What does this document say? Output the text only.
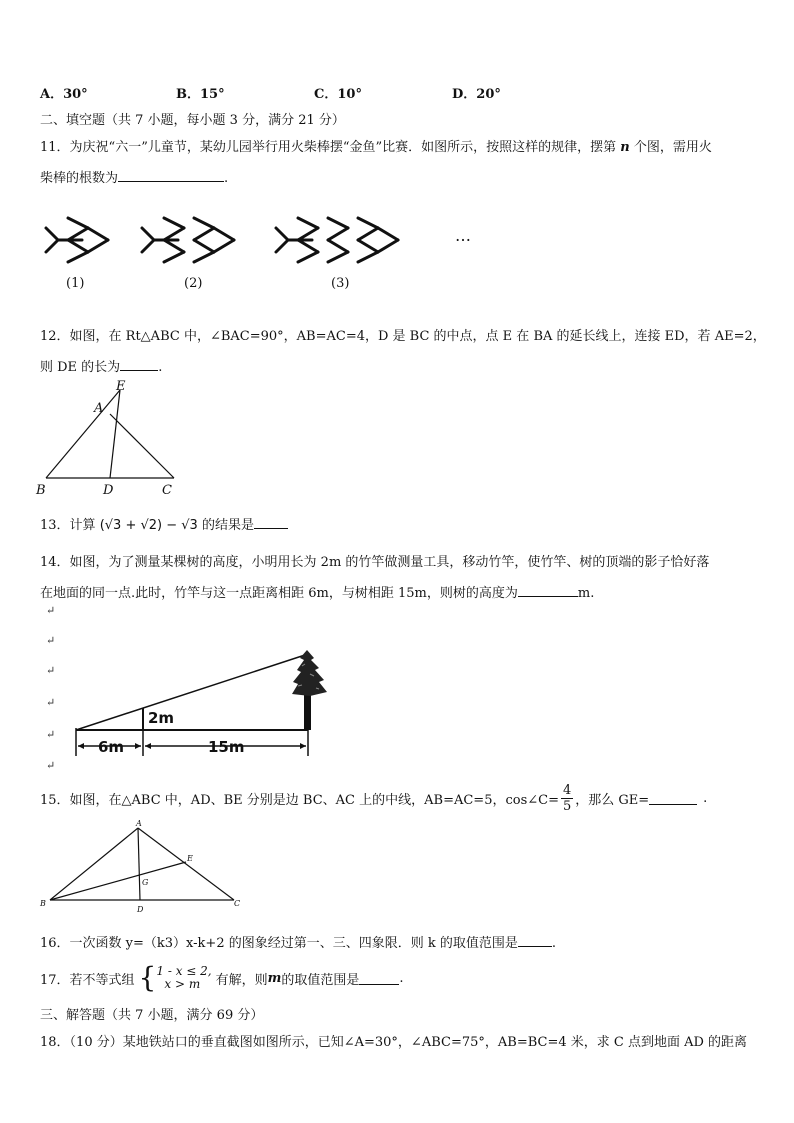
A．30°	B．15°	C．10°	D．20°
二、填空题（共 7 小题，每小题 3 分，满分 21 分）
11．为庆祝“六一”儿童节，某幼儿园举行用火柴棒摆“金鱼”比赛．如图所示，按照这样的规律，摆第 n 个图，需用火
柴棒的根数为	.
…
(1)	(2)	(3)
12．如图，在 Rt△ABC 中，∠BAC=90°，AB=AC=4，D 是 BC 的中点，点 E 在 BA 的延长线上，连接 ED，若 AE=2，
则 DE 的长为	.
E
A
B	D	C
13．计算 (√3 + √2) − √3 的结果是
14．如图，为了测量某棵树的高度，小明用长为 2m 的竹竿做测量工具，移动竹竿，使竹竿、树的顶端的影子恰好落
在地面的同一点.此时，竹竿与这一点距离相距 6m，与树相距 15m，则树的高度为	m.
↵
↵
↵
↵
↵
↵
2m
6m	15m
15．如图，在△ABC 中，AD、BE 分别是边 BC、AC 上的中线，AB=AC=5，cos∠C= $\frac{4}{5}$ ，那么 GE=	.
A
B	C
D
E
G
16．一次函数 y=（k3）x-k+2 的图象经过第一、三、四象限．则 k 的取值范围是	.
17．若不等式组 { 1 - x ≤ 2,
x > m	有解，则 m 的取值范围是	.
三、解答题（共 7 小题，满分 69 分）
18．（10 分）某地铁站口的垂直截图如图所示，已知∠A=30°，∠ABC=75°，AB=BC=4 米，求 C 点到地面 AD 的距离
